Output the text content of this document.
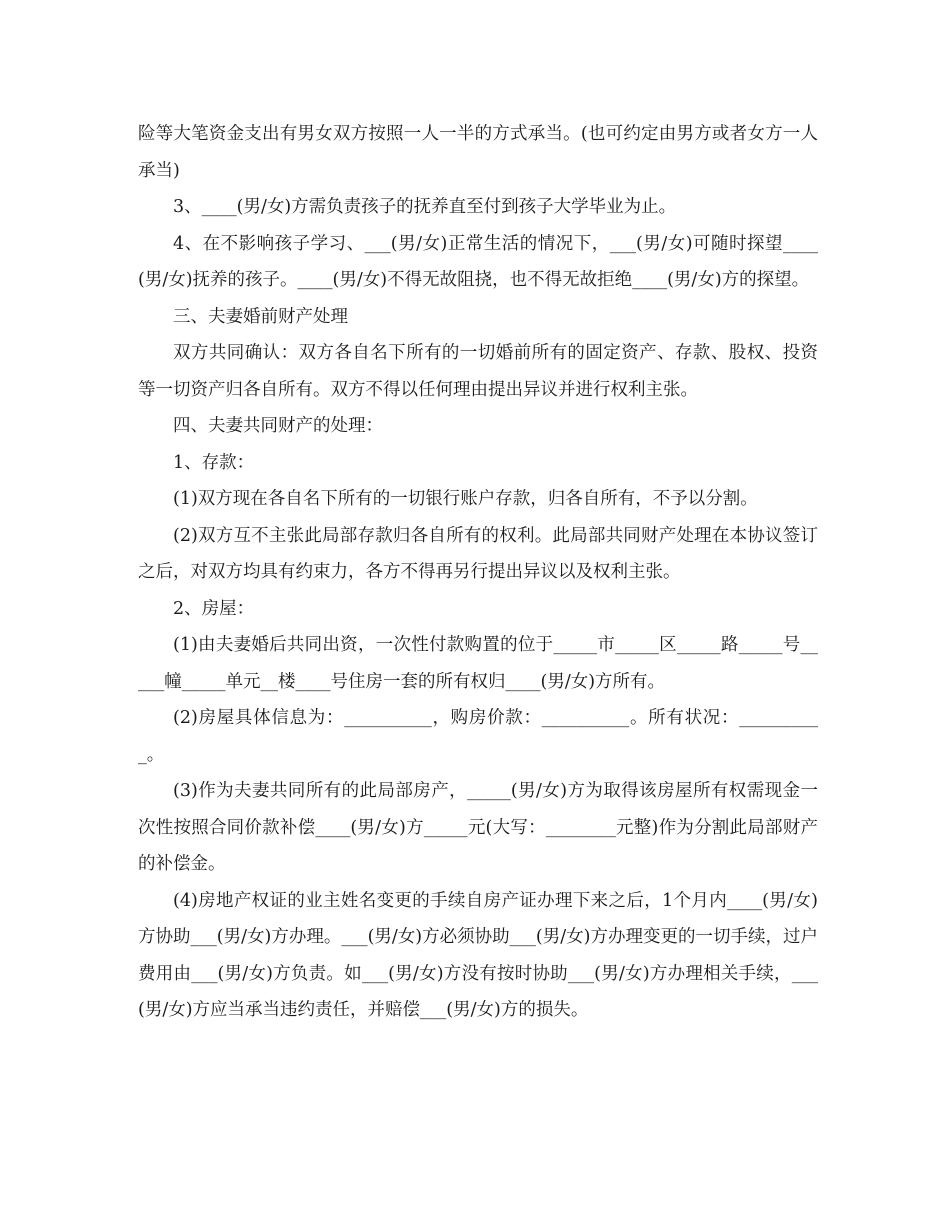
险等大笔资金支出有男女双方按照一人一半的方式承当。(也可约定由男方或者女方一人承当)

3、____(男/女)方需负责孩子的抚养直至付到孩子大学毕业为止。

4、在不影响孩子学习、___(男/女)正常生活的情况下，___(男/女)可随时探望____(男/女)抚养的孩子。____(男/女)不得无故阻挠，也不得无故拒绝____(男/女)方的探望。

三、夫妻婚前财产处理

双方共同确认：双方各自名下所有的一切婚前所有的固定资产、存款、股权、投资等一切资产归各自所有。双方不得以任何理由提出异议并进行权利主张。

四、夫妻共同财产的处理：

1、存款：

(1)双方现在各自名下所有的一切银行账户存款，归各自所有，不予以分割。

(2)双方互不主张此局部存款归各自所有的权利。此局部共同财产处理在本协议签订之后，对双方均具有约束力，各方不得再另行提出异议以及权利主张。

2、房屋：

(1)由夫妻婚后共同出资，一次性付款购置的位于_____市_____区_____路_____号_____幢_____单元__楼____号住房一套的所有权归____(男/女)方所有。

(2)房屋具体信息为：__________，购房价款：__________。所有状况：__________。

(3)作为夫妻共同所有的此局部房产，_____(男/女)方为取得该房屋所有权需现金一次性按照合同价款补偿____(男/女)方_____元(大写：________元整)作为分割此局部财产的补偿金。

(4)房地产权证的业主姓名变更的手续自房产证办理下来之后，1个月内____(男/女)方协助___(男/女)方办理。___(男/女)方必须协助___(男/女)方办理变更的一切手续，过户费用由___(男/女)方负责。如___(男/女)方没有按时协助___(男/女)方办理相关手续，___(男/女)方应当承当违约责任，并赔偿___(男/女)方的损失。
